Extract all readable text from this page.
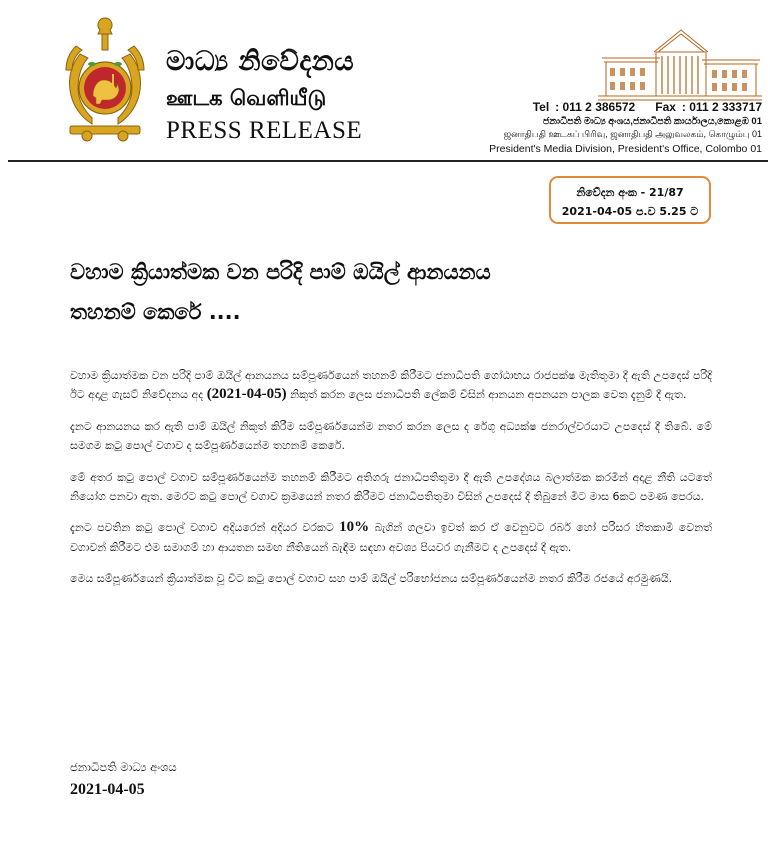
මාධ්‍ය නිවේදනය
ஊடக வெளியீடு
PRESS RELEASE
Tel : 011 2 386572 Fax : 011 2 333717
ජනාධිපති මාධ්‍ය අංශය,ජනාධිපති කාර්යාලය,කොළඹ 01
ஜனாதிபதி ஊடகப் பிரிவு, ஜனாதிபதி அலுவலகம், கொழும்பு 01
President's Media Division, President's Office, Colombo 01
නිවේදන අංක - 21/87
2021-04-05 ප.ව 5.25 ට
වහාම ක්‍රියාත්මක වන පරිදි පාම් ඔයිල් ආනයනය
තහනම් කෙරේ ....

වහාම ක්‍රියාත්මක වන පරිදි පාම් ඔයිල් ආනයනය සම්පූර්ණයෙන් තහනම් කිරීමට ජනාධිපති ගෝඨාභය රාජපක්ෂ මැතිතුමා දී ඇති උපදෙස් පරිදි ඊට අදාළ ගැසට් නිවේදනය අද (2021-04-05) නිකුත් කරන ලෙස ජනාධිපති ලේකම් විසින් ආනයන අපනයන පාලක වෙත දැනුම් දී ඇත.

දැනට ආනයනය කර ඇති පාම් ඔයිල් නිකුත් කිරීම සම්පූර්ණයෙන්ම නතර කරන ලෙස ද රේගු අධ්‍යක්ෂ ජනරාල්වරයාට උපදෙස් දී තිබේ. මේ සමගම කටු පොල් වගාව ද සම්පූර්ණයෙන්ම තහනම් කෙරේ.

මේ අතර කටු පොල් වගාව සම්පූර්ණයෙන්ම තහනම් කිරීමට අතිගරු ජනාධිපතිතුමා දී ඇති උපදේශය බලාත්මක කරමින් අදාළ නීති යටතේ නියෝග පනවා ඇත. මෙරට කටු පොල් වගාව ක්‍රමයෙන් නතර කිරීමට ජනාධිපතිතුමා විසින් උපදෙස් දී තිබුනේ මීට මාස 6කට පමණ පෙරය.

දැනට පවතින කටු පොල් වගාව අදියරෙන් අදියර වරකට 10% බැගින් ගලවා ඉවත් කර ඒ වෙනුවට රබර් හෝ පරිසර හිතකාමී වෙනත් වගාවන් කිරීමට එම සමාගම් හා ආයතන සමඟ නීතියෙන් බැඳීම සඳහා අවශ්‍ය පියවර ගැනීමට ද උපදෙස් දී ඇත.

මෙය සම්පූර්ණයෙන් ක්‍රියාත්මක වූ විට කටු පොල් වගාව සහ පාම් ඔයිල් පරිභෝජනය සම්පූර්ණයෙන්ම නතර කිරීම රජයේ අරමුණයි.

ජනාධිපති මාධ්‍ය අංශය
2021-04-05
